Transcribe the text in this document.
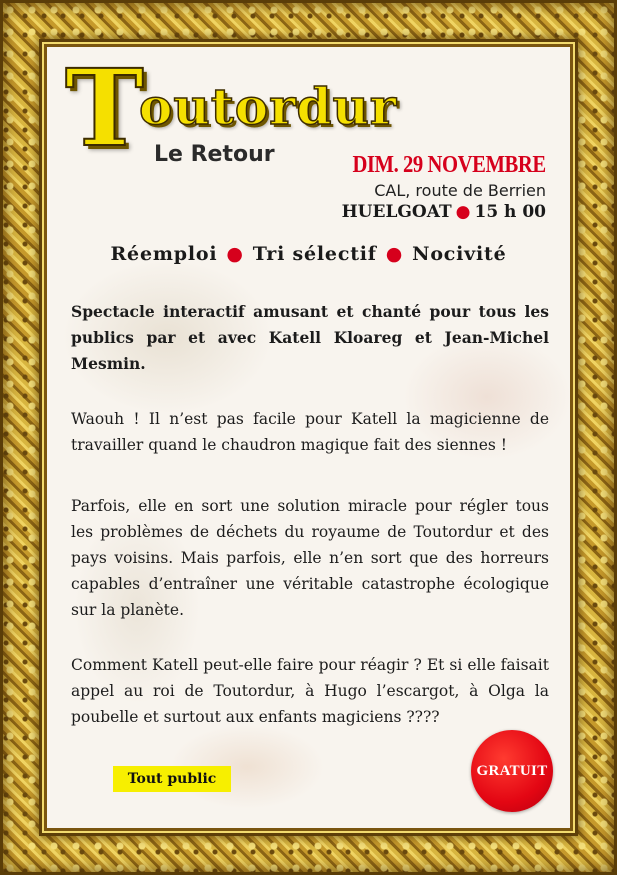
T
outordur
Le Retour	DIM. 29 NOVEMBRE
CAL, route de Berrien
HUELGOAT ● 15 h 00
Réemploi ● Tri sélectif ● Nocivité

Spectacle interactif amusant et chanté pour tous les publics par et avec Katell Kloareg et Jean-Michel Mesmin.

Waouh ! Il n’est pas facile pour Katell la magicienne de travailler quand le chaudron magique fait des siennes !

Parfois, elle en sort une solution miracle pour régler tous les problèmes de déchets du royaume de Toutordur et des pays voisins. Mais parfois, elle n’en sort que des horreurs capables d’entraîner une véritable catastrophe écologique sur la planète.

Comment Katell peut-elle faire pour réagir ? Et si elle faisait appel au roi de Toutordur, à Hugo l’escargot, à Olga la poubelle et surtout aux enfants magiciens ????

Tout public
GRATUIT
